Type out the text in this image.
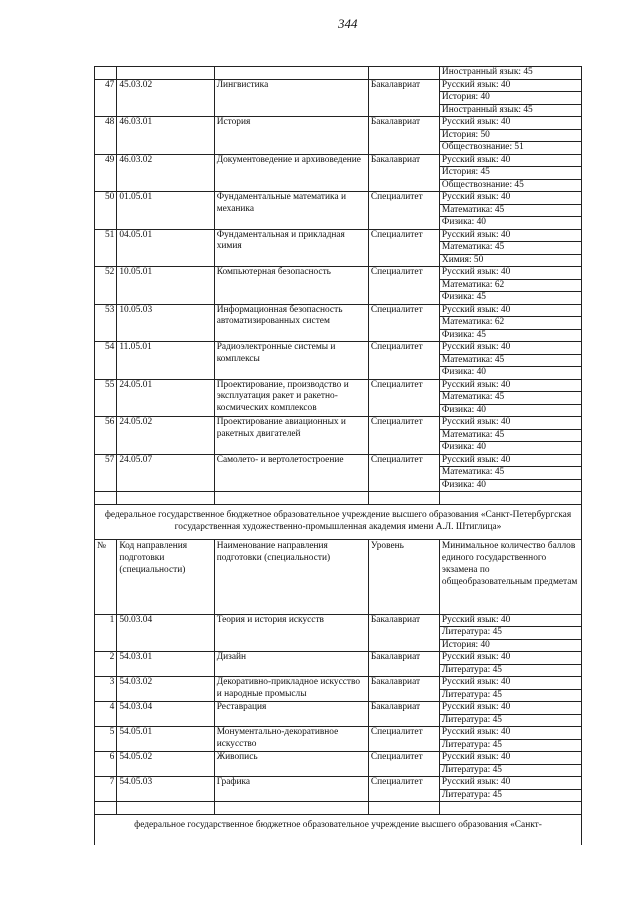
344
				Иностранный язык: 45
47	45.03.02	Лингвистика	Бакалавриат	Русский язык: 40
				История: 40
				Иностранный язык: 45
48	46.03.01	История	Бакалавриат	Русский язык: 40
				История: 50
				Обществознание: 51
49	46.03.02	Документоведение и архивоведение	Бакалавриат	Русский язык: 40
				История: 45
				Обществознание: 45
50	01.05.01	Фундаментальные математика и механика	Специалитет	Русский язык: 40
				Математика: 45
				Физика: 40
51	04.05.01	Фундаментальная и прикладная химия	Специалитет	Русский язык: 40
				Математика: 45
				Химия: 50
52	10.05.01	Компьютерная безопасность	Специалитет	Русский язык: 40
				Математика: 62
				Физика: 45
53	10.05.03	Информационная безопасность автоматизированных систем	Специалитет	Русский язык: 40
				Математика: 62
				Физика: 45
54	11.05.01	Радиоэлектронные системы и комплексы	Специалитет	Русский язык: 40
				Математика: 45
				Физика: 40
55	24.05.01	Проектирование, производство и эксплуатация ракет и ракетно-космических комплексов	Специалитет	Русский язык: 40
				Математика: 45
				Физика: 40
56	24.05.02	Проектирование авиационных и ракетных двигателей	Специалитет	Русский язык: 40
				Математика: 45
				Физика: 40
57	24.05.07	Самолето- и вертолетостроение	Специалитет	Русский язык: 40
				Математика: 45
				Физика: 40

федеральное государственное бюджетное образовательное учреждение высшего образования «Санкт-Петербургская государственная художественно-промышленная академия имени А.Л. Штиглица»
№	Код направления подготовки (специальности)	Наименование направления подготовки (специальности)	Уровень	Минимальное количество баллов единого государственного экзамена по общеобразовательным предметам
1	50.03.04	Теория и история искусств	Бакалавриат	Русский язык: 40
				Литература: 45
				История: 40
2	54.03.01	Дизайн	Бакалавриат	Русский язык: 40
				Литература: 45
3	54.03.02	Декоративно-прикладное искусство и народные промыслы	Бакалавриат	Русский язык: 40
				Литература: 45
4	54.03.04	Реставрация	Бакалавриат	Русский язык: 40
				Литература: 45
5	54.05.01	Монументально-декоративное искусство	Специалитет	Русский язык: 40
				Литература: 45
6	54.05.02	Живопись	Специалитет	Русский язык: 40
				Литература: 45
7	54.05.03	Графика	Специалитет	Русский язык: 40
				Литература: 45

федеральное государственное бюджетное образовательное учреждение высшего образования «Санкт-
